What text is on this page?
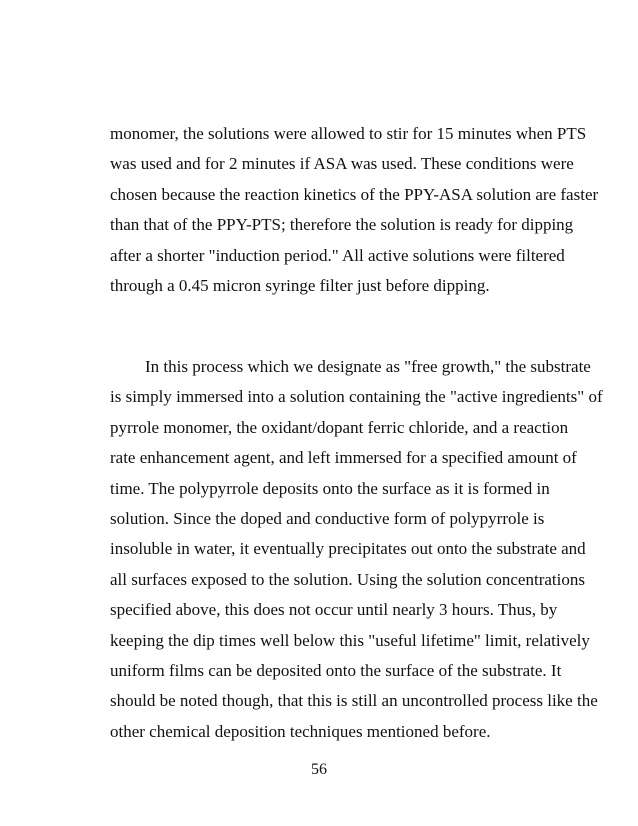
monomer, the solutions were allowed to stir for 15 minutes when PTS
was used and for 2 minutes if ASA was used. These conditions were
chosen because the reaction kinetics of the PPY-ASA solution are faster
than that of the PPY-PTS; therefore the solution is ready for dipping
after a shorter "induction period." All active solutions were filtered
through a 0.45 micron syringe filter just before dipping.
In this process which we designate as "free growth," the substrate
is simply immersed into a solution containing the "active ingredients" of
pyrrole monomer, the oxidant/dopant ferric chloride, and a reaction
rate enhancement agent, and left immersed for a specified amount of
time. The polypyrrole deposits onto the surface as it is formed in
solution. Since the doped and conductive form of polypyrrole is
insoluble in water, it eventually precipitates out onto the substrate and
all surfaces exposed to the solution. Using the solution concentrations
specified above, this does not occur until nearly 3 hours. Thus, by
keeping the dip times well below this "useful lifetime" limit, relatively
uniform films can be deposited onto the surface of the substrate. It
should be noted though, that this is still an uncontrolled process like the
other chemical deposition techniques mentioned before.
56
